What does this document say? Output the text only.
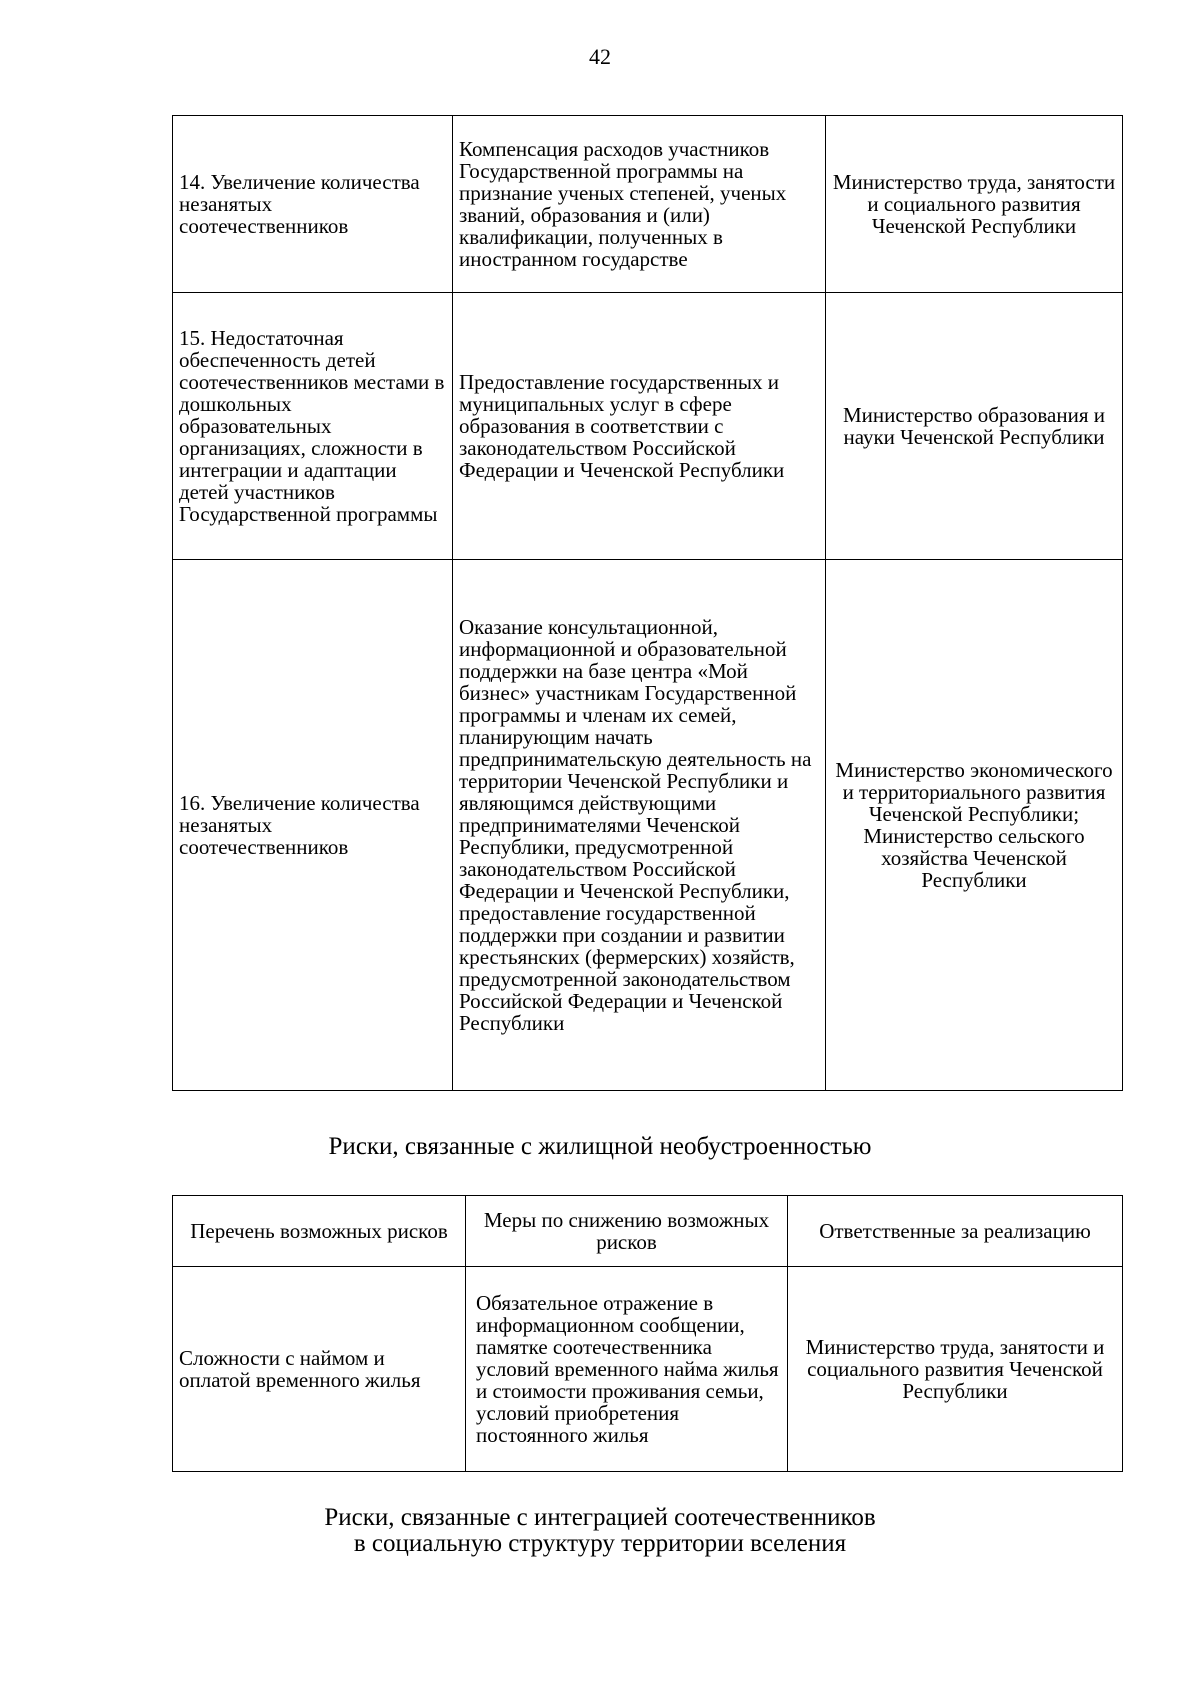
42
14. Увеличение количества незанятых соотечественников	Компенсация расходов участников Государственной программы на признание ученых степеней, ученых званий, образования и (или) квалификации, полученных в иностранном государстве	Министерство труда, занятости и социального развития Чеченской Республики
15. Недостаточная обеспеченность детей соотечественников местами в дошкольных образовательных организациях, сложности в интеграции и адаптации детей участников Государственной программы	Предоставление государственных и муниципальных услуг в сфере образования в соответствии с законодательством Российской Федерации и Чеченской Республики	Министерство образования и науки Чеченской Республики
16. Увеличение количества незанятых соотечественников	Оказание консультационной, информационной и образовательной поддержки на базе центра «Мой бизнес» участникам Государственной программы и членам их семей, планирующим начать предпринимательскую деятельность на территории Чеченской Республики и являющимся действующими предпринимателями Чеченской Республики, предусмотренной законодательством Российской Федерации и Чеченской Республики, предоставление государственной поддержки при создании и развитии крестьянских (фермерских) хозяйств, предусмотренной законодательством Российской Федерации и Чеченской Республики	Министерство экономического и территориального развития Чеченской Республики; Министерство сельского хозяйства Чеченской Республики
Риски, связанные с жилищной необустроенностью
Перечень возможных рисков	Меры по снижению возможных рисков	Ответственные за реализацию
Сложности с наймом и оплатой временного жилья	Обязательное отражение в информационном сообщении, памятке соотечественника условий временного найма жилья и стоимости проживания семьи, условий приобретения постоянного жилья	Министерство труда, занятости и социального развития Чеченской Республики
Риски, связанные с интеграцией соотечественников
в социальную структуру территории вселения
